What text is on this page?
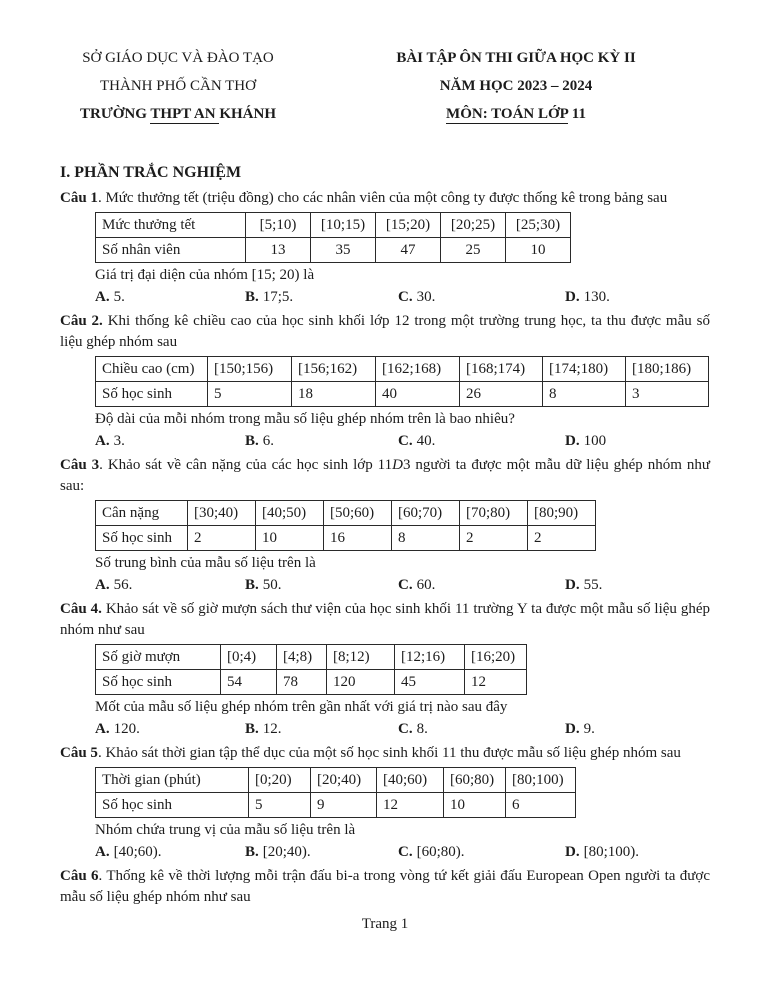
SỞ GIÁO DỤC VÀ ĐÀO TẠO
THÀNH PHỐ CẦN THƠ
TRƯỜNG THPT AN KHÁNH
BÀI TẬP ÔN THI GIỮA HỌC KỲ II
NĂM HỌC 2023 – 2024
MÔN: TOÁN LỚP 11
I. PHẦN TRẮC NGHIỆM

Câu 1. Mức thưởng tết (triệu đồng) cho các nhân viên của một công ty được thống kê trong bảng sau

Mức thưởng tết	[5;10)	[10;15)	[15;20)	[20;25)	[25;30)
Số nhân viên	13	35	47	25	10

Giá trị đại diện của nhóm [15; 20) là

A. 5.	B. 17;5.	C. 30.	D. 130.

Câu 2. Khi thống kê chiều cao của học sinh khối lớp 12 trong một trường trung học, ta thu được mẫu số liệu ghép nhóm sau

Chiều cao (cm)	[150;156)	[156;162)	[162;168)	[168;174)	[174;180)	[180;186)
Số học sinh	5	18	40	26	8	3

Độ dài của mỗi nhóm trong mẫu số liệu ghép nhóm trên là bao nhiêu?

A. 3.	B. 6.	C. 40.	D. 100

Câu 3. Khảo sát về cân nặng của các học sinh lớp 11D3 người ta được một mẫu dữ liệu ghép nhóm như sau:

Cân nặng	[30;40)	[40;50)	[50;60)	[60;70)	[70;80)	[80;90)
Số học sinh	2	10	16	8	2	2

Số trung bình của mẫu số liệu trên là

A. 56.	B. 50.	C. 60.	D. 55.

Câu 4. Khảo sát về số giờ mượn sách thư viện của học sinh khối 11 trường Y ta được một mẫu số liệu ghép nhóm như sau

Số giờ mượn	[0;4)	[4;8)	[8;12)	[12;16)	[16;20)
Số học sinh	54	78	120	45	12

Mốt của mẫu số liệu ghép nhóm trên gần nhất với giá trị nào sau đây

A. 120.	B. 12.	C. 8.	D. 9.

Câu 5. Khảo sát thời gian tập thể dục của một số học sinh khối 11 thu được mẫu số liệu ghép nhóm sau

Thời gian (phút)	[0;20)	[20;40)	[40;60)	[60;80)	[80;100)
Số học sinh	5	9	12	10	6

Nhóm chứa trung vị của mẫu số liệu trên là

A. [40;60).	B. [20;40).	C. [60;80).	D. [80;100).

Câu 6. Thống kê về thời lượng mỗi trận đấu bi-a trong vòng tứ kết giải đấu European Open người ta được mẫu số liệu ghép nhóm như sau

Trang 1
